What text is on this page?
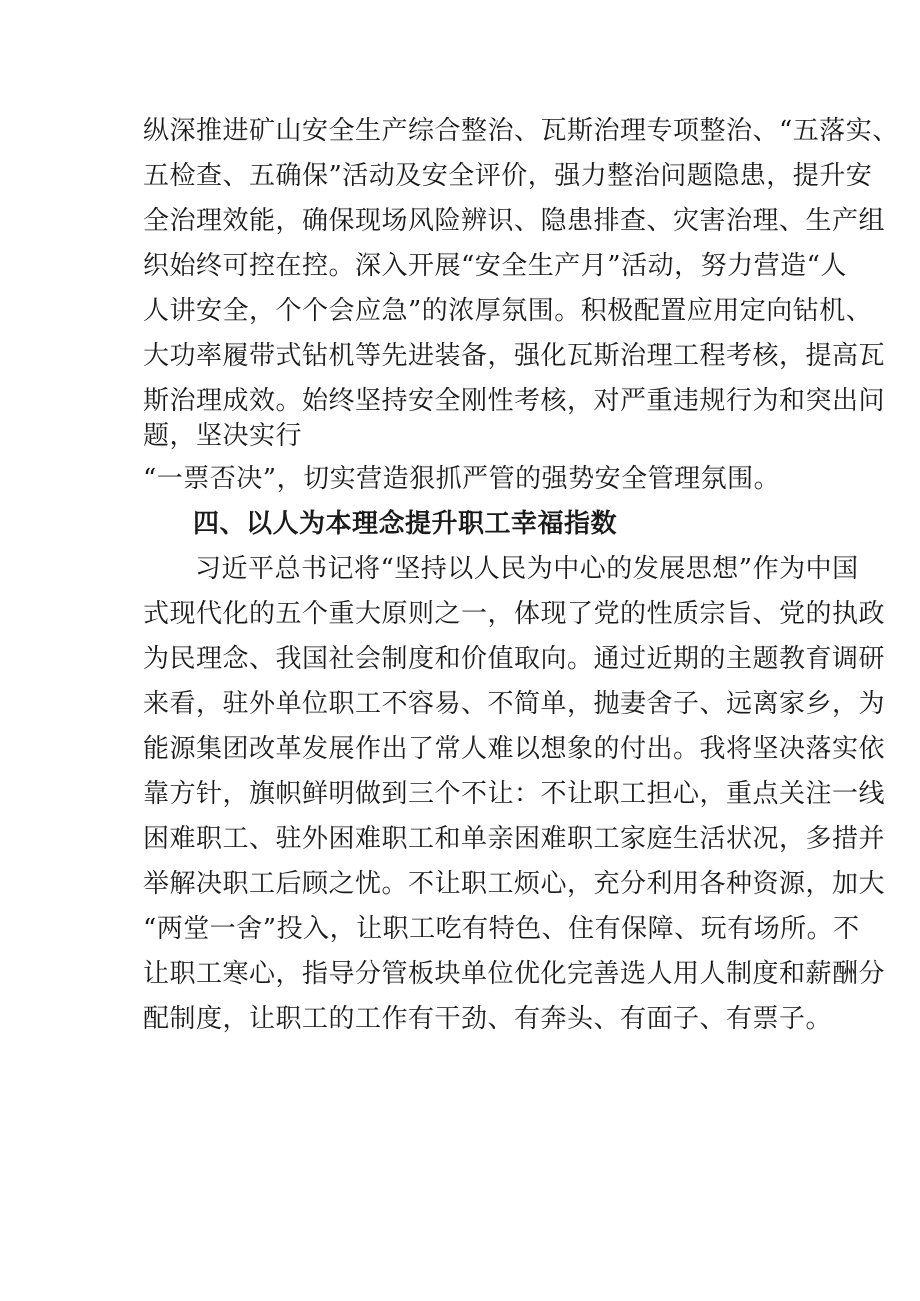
纵深推进矿山安全生产综合整治、瓦斯治理专项整治、“五落实、
五检查、五确保”活动及安全评价，强力整治问题隐患，提升安
全治理效能，确保现场风险辨识、隐患排查、灾害治理、生产组
织始终可控在控。深入开展“安全生产月”活动，努力营造“人
人讲安全，个个会应急”的浓厚氛围。积极配置应用定向钻机、
大功率履带式钻机等先进装备，强化瓦斯治理工程考核，提高瓦
斯治理成效。始终坚持安全刚性考核，对严重违规行为和突出问
题，坚决实行
“一票否决”，切实营造狠抓严管的强势安全管理氛围。
四、以人为本理念提升职工幸福指数
习近平总书记将“坚持以人民为中心的发展思想”作为中国
式现代化的五个重大原则之一，体现了党的性质宗旨、党的执政
为民理念、我国社会制度和价值取向。通过近期的主题教育调研
来看，驻外单位职工不容易、不简单，抛妻舍子、远离家乡，为
能源集团改革发展作出了常人难以想象的付出。我将坚决落实依
靠方针，旗帜鲜明做到三个不让：不让职工担心，重点关注一线
困难职工、驻外困难职工和单亲困难职工家庭生活状况，多措并
举解决职工后顾之忧。不让职工烦心，充分利用各种资源，加大
“两堂一舍”投入，让职工吃有特色、住有保障、玩有场所。不
让职工寒心，指导分管板块单位优化完善选人用人制度和薪酬分
配制度，让职工的工作有干劲、有奔头、有面子、有票子。
